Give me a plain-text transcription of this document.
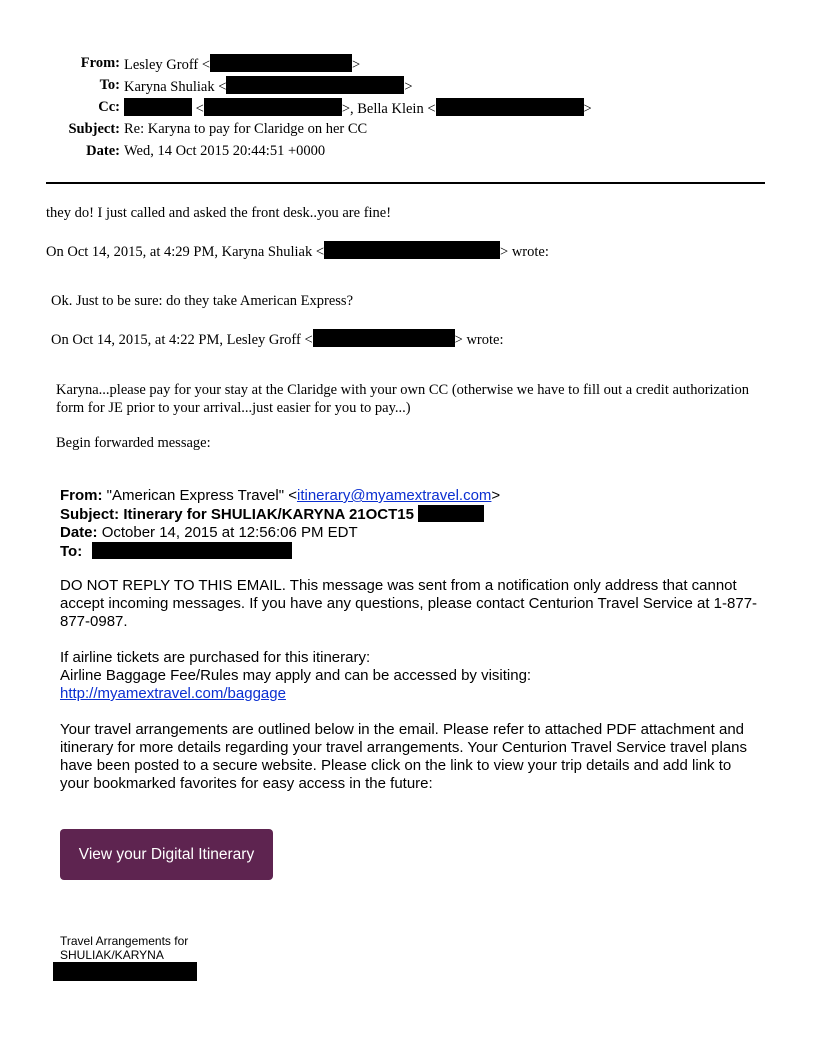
From: Lesley Groff <	>
To: Karyna Shuliak <	>
Cc:	<	>, Bella Klein <	>
Subject: Re: Karyna to pay for Claridge on her CC
Date: Wed, 14 Oct 2015 20:44:51 +0000
they do! I just called and asked the front desk..you are fine!
On Oct 14, 2015, at 4:29 PM, Karyna Shuliak <	> wrote:
Ok. Just to be sure: do they take American Express?
On Oct 14, 2015, at 4:22 PM, Lesley Groff <	> wrote:
Karyna...please pay for your stay at the Claridge with your own CC (otherwise we have to fill out a credit authorization form for JE prior to your arrival...just easier for you to pay...)
Begin forwarded message:
From: "American Express Travel" <itinerary@myamextravel.com>
Subject: Itinerary for SHULIAK/KARYNA 21OCT15
Date: October 14, 2015 at 12:56:06 PM EDT
To:
DO NOT REPLY TO THIS EMAIL. This message was sent from a notification only address that cannot accept incoming messages. If you have any questions, please contact Centurion Travel Service at 1-877-877-0987.
If airline tickets are purchased for this itinerary:
Airline Baggage Fee/Rules may apply and can be accessed by visiting:
http://myamextravel.com/baggage
Your travel arrangements are outlined below in the email. Please refer to attached PDF attachment and itinerary for more details regarding your travel arrangements. Your Centurion Travel Service travel plans have been posted to a secure website. Please click on the link to view your trip details and add link to your bookmarked favorites for easy access in the future:
View your Digital Itinerary
Travel Arrangements for
SHULIAK/KARYNA
